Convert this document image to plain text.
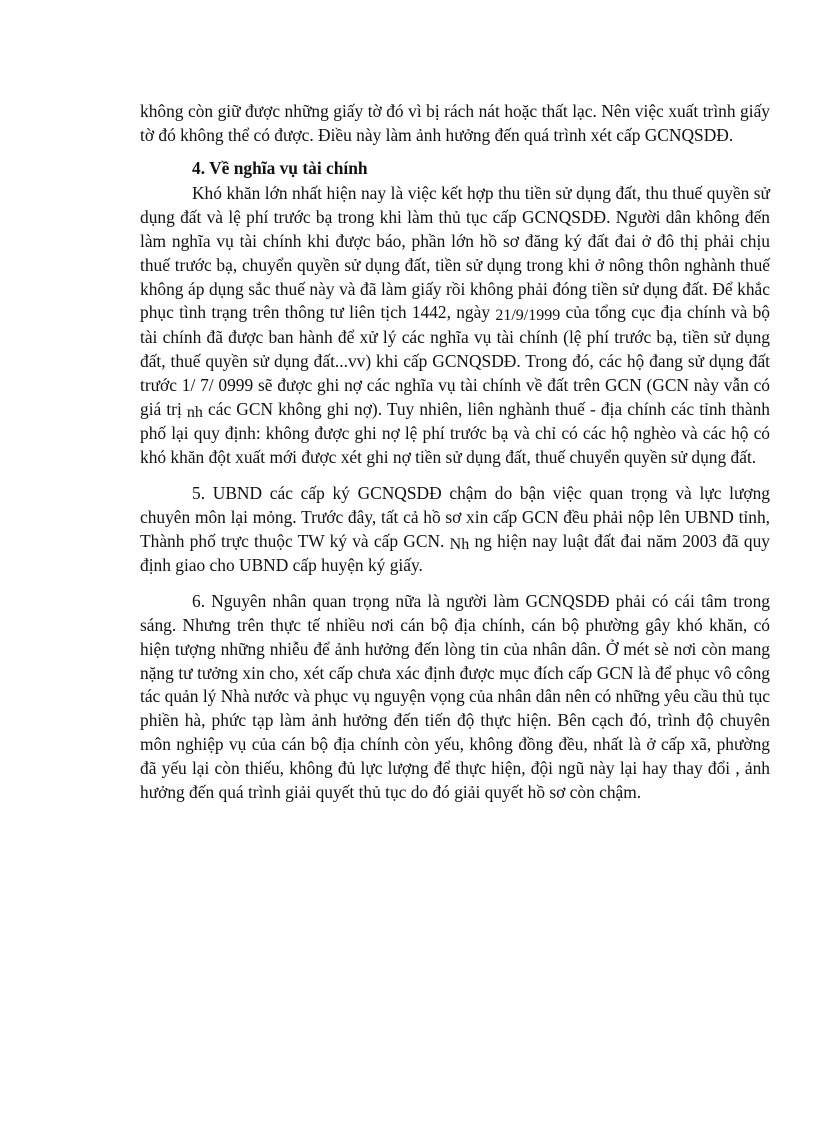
không còn giữ được những giấy tờ đó vì bị rách nát hoặc thất lạc. Nên việc xuất trình giấy tờ đó không thể có được. Điều này làm ảnh hưởng đến quá trình xét cấp GCNQSDĐ.

4. Về nghĩa vụ tài chính

Khó khăn lớn nhất hiện nay là việc kết hợp thu tiền sử dụng đất, thu thuế quyền sử dụng đất và lệ phí trước bạ trong khi làm thủ tục cấp GCNQSDĐ. Người dân không đến làm nghĩa vụ tài chính khi được báo, phần lớn hồ sơ đăng ký đất đai ở đô thị phải chịu thuế trước bạ, chuyển quyền sử dụng đất, tiền sử dụng trong khi ở nông thôn nghành thuế không áp dụng sắc thuế này và đã làm giấy rồi không phải đóng tiền sử dụng đất. Để khắc phục tình trạng trên thông tư liên tịch 1442, ngày 21/9/1999 của tổng cục địa chính và bộ tài chính đã được ban hành để xử lý các nghĩa vụ tài chính (lệ phí trước bạ, tiền sử dụng đất, thuế quyền sử dụng đất...vv) khi cấp GCNQSDĐ. Trong đó, các hộ đang sử dụng đất trước 1/ 7/ 0999 sẽ được ghi nợ các nghĩa vụ tài chính về đất trên GCN (GCN này vẫn có giá trị nh các GCN không ghi nợ). Tuy nhiên, liên nghành thuế - địa chính các tỉnh thành phố lại quy định: không được ghi nợ lệ phí trước bạ và chỉ có các hộ nghèo và các hộ có khó khăn đột xuất mới được xét ghi nợ tiền sử dụng đất, thuế chuyển quyền sử dụng đất.

5. UBND các cấp ký GCNQSDĐ chậm do bận việc quan trọng và lực lượng chuyên môn lại mỏng. Trước đây, tất cả hồ sơ xin cấp GCN đều phải nộp lên UBND tỉnh, Thành phố trực thuộc TW ký và cấp GCN. Nh ng hiện nay luật đất đai năm 2003 đã quy định giao cho UBND cấp huyện ký giấy.

6. Nguyên nhân quan trọng nữa là người làm GCNQSDĐ phải có cái tâm trong sáng. Nhưng trên thực tế nhiều nơi cán bộ địa chính, cán bộ phường gây khó khăn, có hiện tượng những nhiễu để ảnh hưởng đến lòng tin của nhân dân. Ở mét sè nơi còn mang nặng tư tưởng xin cho, xét cấp chưa xác định được mục đích cấp GCN là để phục vô công tác quản lý Nhà nước và phục vụ nguyện vọng của nhân dân nên có những yêu cầu thủ tục phiền hà, phức tạp làm ảnh hưởng đến tiến độ thực hiện. Bên cạch đó, trình độ chuyên môn nghiệp vụ của cán bộ địa chính còn yếu, không đồng đều, nhất là ở cấp xã, phường đã yếu lại còn thiếu, không đủ lực lượng để thực hiện, đội ngũ này lại hay thay đổi , ảnh hưởng đến quá trình giải quyết thủ tục do đó giải quyết hồ sơ còn chậm.
